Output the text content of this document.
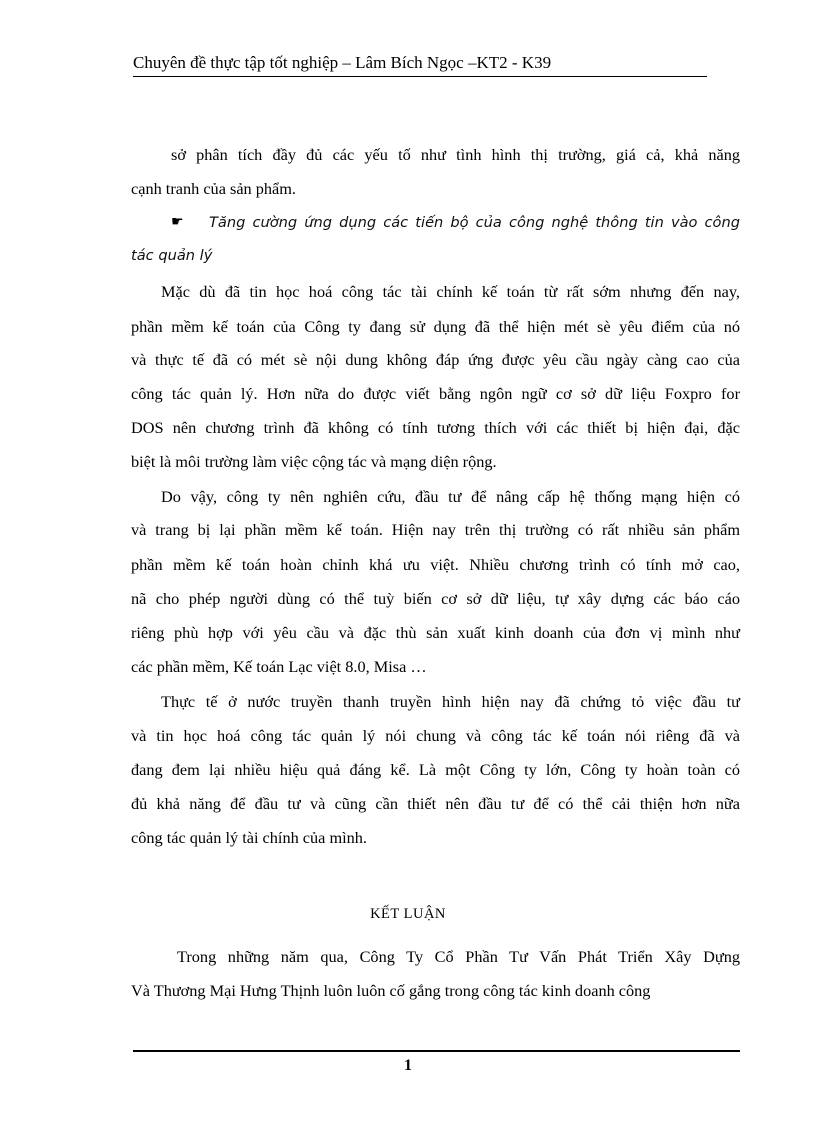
Chuyên đề thực tập tốt nghiệp – Lâm Bích Ngọc –KT2 - K39
sở phân tích đầy đủ các yếu tố như tình hình thị trường, giá cả, khả năng
cạnh tranh của sản phẩm.
☛ Tăng cường ứng dụng các tiến bộ của công nghệ thông tin vào công
tác quản lý
Mặc dù đã tin học hoá công tác tài chính kế toán từ rất sớm nhưng đến nay,
phần mềm kế toán của Công ty đang sử dụng đã thể hiện mét sè yêu điểm của nó
và thực tế đã có mét sè nội dung không đáp ứng được yêu cầu ngày càng cao của
công tác quản lý. Hơn nữa do được viết bằng ngôn ngữ cơ sở dữ liệu Foxpro for
DOS nên chương trình đã không có tính tương thích với các thiết bị hiện đại, đặc
biệt là môi trường làm việc cộng tác và mạng diện rộng.
Do vậy, công ty nên nghiên cứu, đầu tư để nâng cấp hệ thống mạng hiện có
và trang bị lại phần mềm kế toán. Hiện nay trên thị trường có rất nhiều sản phẩm
phần mềm kế toán hoàn chỉnh khá ưu việt. Nhiều chương trình có tính mở cao,
nã cho phép người dùng có thể tuỳ biến cơ sở dữ liệu, tự xây dựng các báo cáo
riêng phù hợp với yêu cầu và đặc thù sản xuất kinh doanh của đơn vị mình như
các phần mềm, Kế toán Lạc việt 8.0, Misa …
Thực tế ở nước truyền thanh truyền hình hiện nay đã chứng tỏ việc đầu tư
và tin học hoá công tác quản lý nói chung và công tác kế toán nói riêng đã và
đang đem lại nhiều hiệu quả đáng kể. Là một Công ty lớn, Công ty hoàn toàn có
đủ khả năng để đầu tư và cũng cần thiết nên đầu tư để có thể cải thiện hơn nữa
công tác quản lý tài chính của mình.
KẾT LUẬN
Trong những năm qua, Công Ty Cổ Phần Tư Vấn Phát Triển Xây Dựng
Và Thương Mại Hưng Thịnh luôn luôn cố gắng trong công tác kinh doanh công
1
